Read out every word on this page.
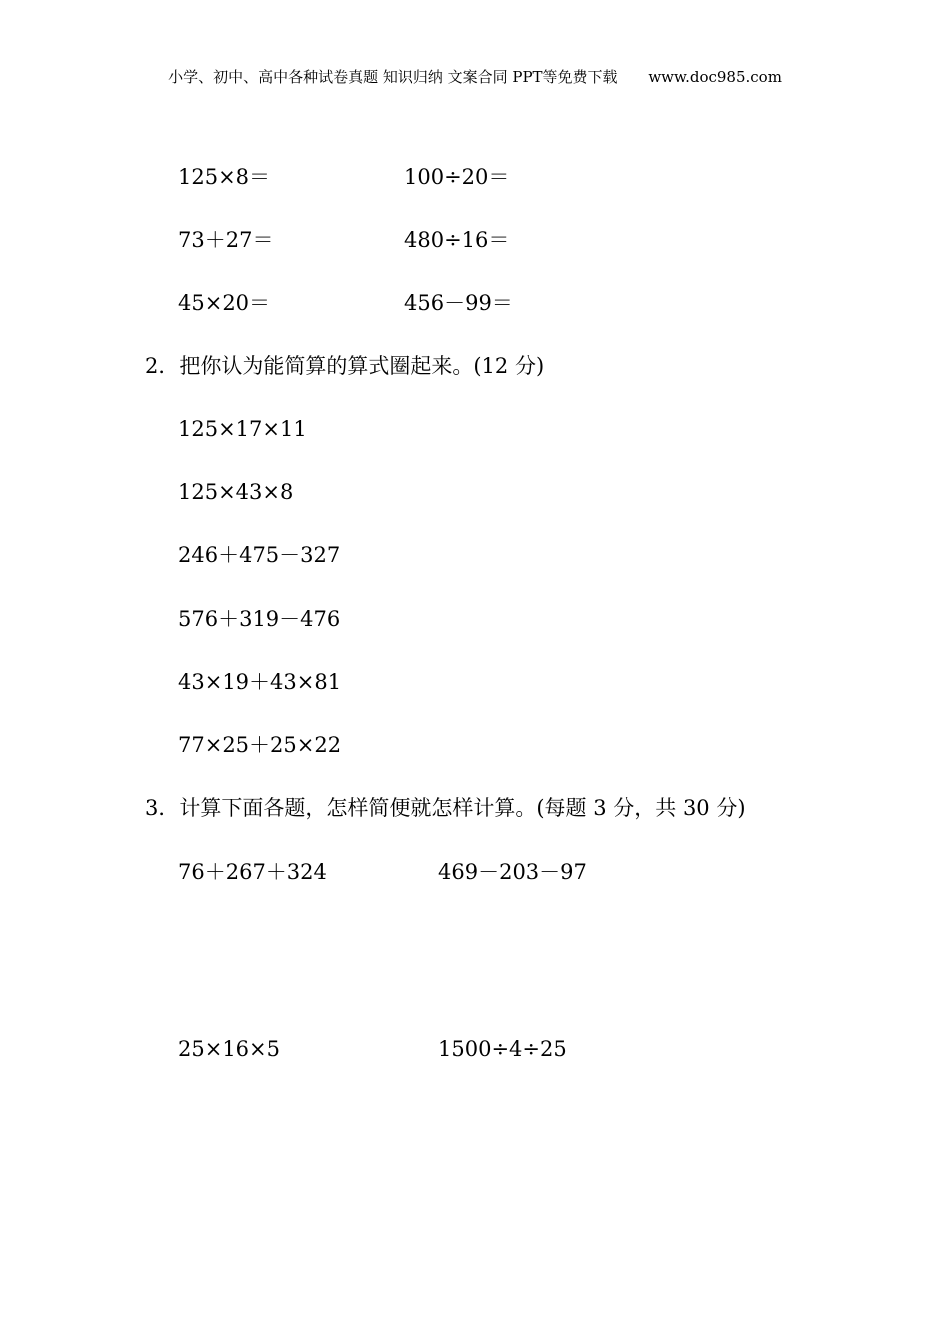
小学、初中、高中各种试卷真题 知识归纳 文案合同 PPT等免费下载 www.doc985.com
125×8＝	100÷20＝
73＋27＝	480÷16＝
45×20＝	456－99＝
2．把你认为能简算的算式圈起来。(12 分)
125×17×11
125×43×8
246＋475－327
576＋319－476
43×19＋43×81
77×25＋25×22
3．计算下面各题，怎样简便就怎样计算。(每题 3 分，共 30 分)
76＋267＋324	469－203－97
25×16×5	1500÷4÷25
